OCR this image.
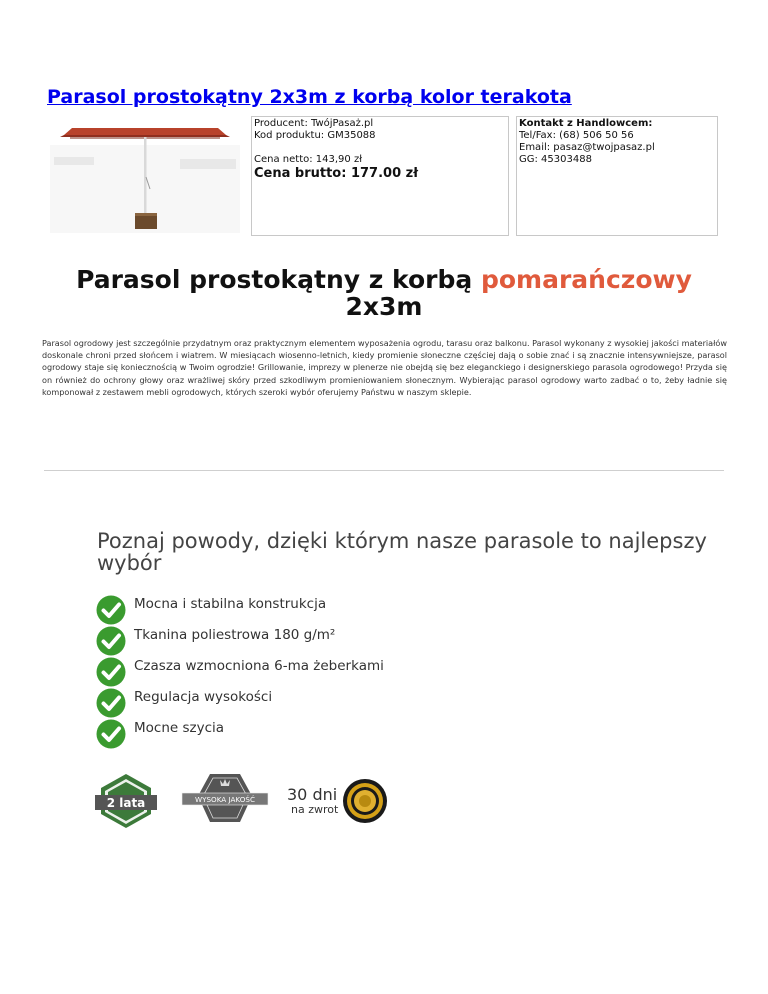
Parasol prostokątny 2x3m z korbą kolor terakota
Producent: TwójPasaż.pl
Kod produktu: GM35088
Cena netto: 143,90 zł
Cena brutto: 177.00 zł
Kontakt z Handlowcem:
Tel/Fax: (68) 506 50 56
Email: pasaz@twojpasaz.pl
GG: 45303488
Parasol prostokątny z korbą pomarańczowy
2x3m
Parasol ogrodowy jest szczególnie przydatnym oraz praktycznym elementem wyposażenia ogrodu, tarasu oraz balkonu. Parasol wykonany z wysokiej jakości materiałów doskonale chroni przed słońcem i wiatrem. W miesiącach wiosenno-letnich, kiedy promienie słoneczne częściej dają o sobie znać i są znacznie intensywniejsze, parasol ogrodowy staje się koniecznością w Twoim ogrodzie! Grillowanie, imprezy w plenerze nie obejdą się bez eleganckiego i designerskiego parasola ogrodowego! Przyda się on również do ochrony głowy oraz wrażliwej skóry przed szkodliwym promieniowaniem słonecznym. Wybierając parasol ogrodowy warto zadbać o to, żeby ładnie się komponował z zestawem mebli ogrodowych, których szeroki wybór oferujemy Państwu w naszym sklepie.
Poznaj powody, dzięki którym nasze parasole to najlepszy wybór
Mocna i stabilna konstrukcja
Tkanina poliestrowa 180 g/m²
Czasza wzmocniona 6-ma żeberkami
Regulacja wysokości
Mocne szycia
2 lata	WYSOKA JAKOŚĆ 30 dni
na zwrot
